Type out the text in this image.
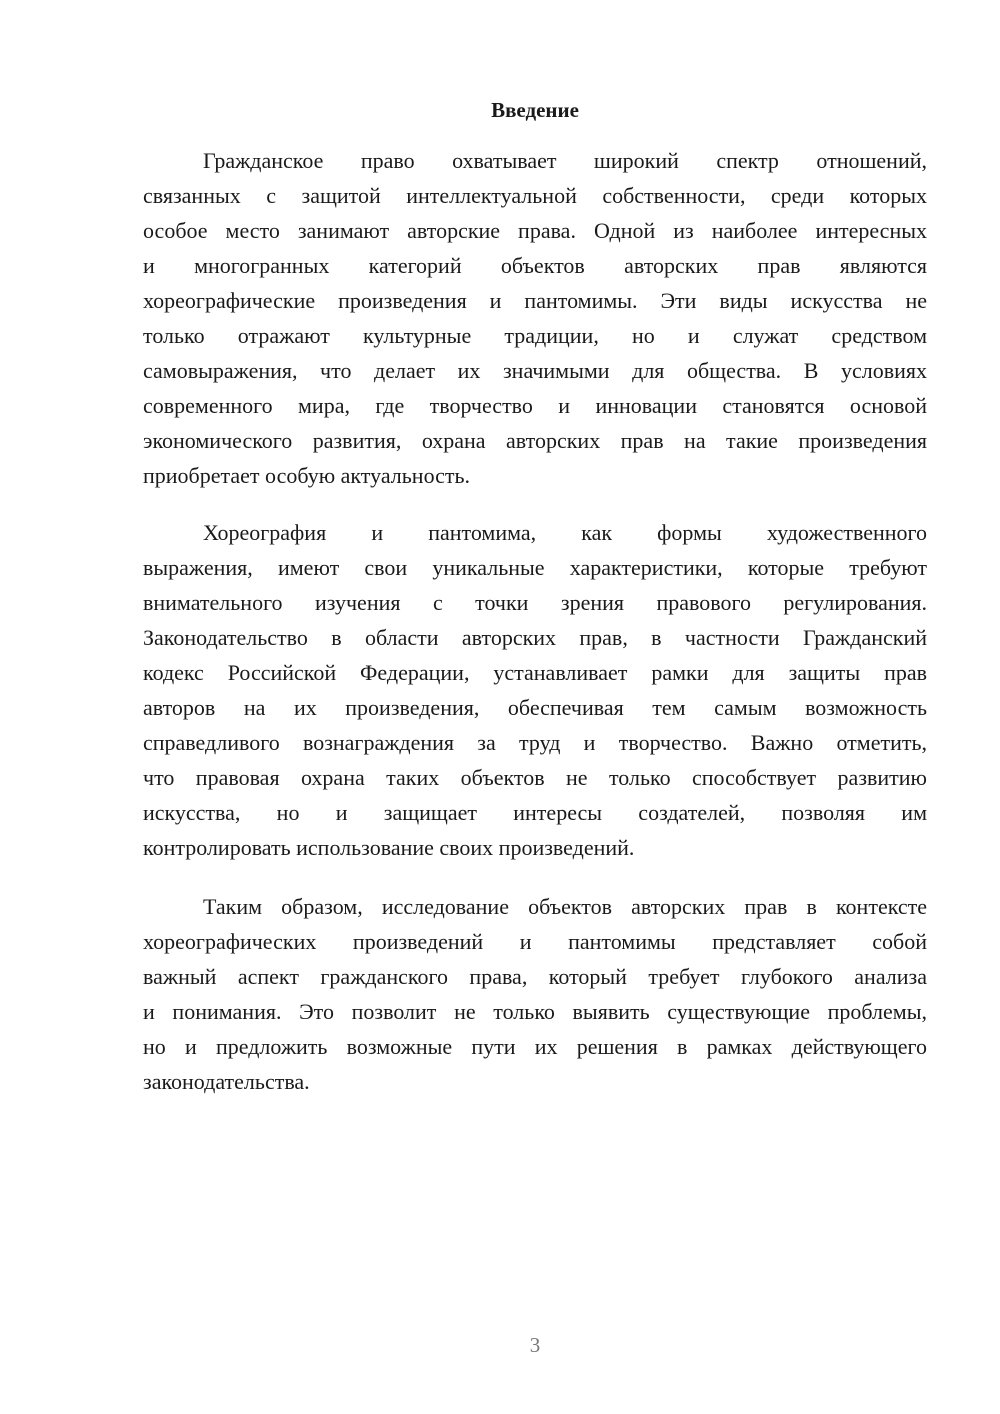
Введение
Гражданское право охватывает широкий спектр отношений,
связанных с защитой интеллектуальной собственности, среди которых
особое место занимают авторские права. Одной из наиболее интересных
и многогранных категорий объектов авторских прав являются
хореографические произведения и пантомимы. Эти виды искусства не
только отражают культурные традиции, но и служат средством
самовыражения, что делает их значимыми для общества. В условиях
современного мира, где творчество и инновации становятся основой
экономического развития, охрана авторских прав на такие произведения
приобретает особую актуальность.
Хореография и пантомима, как формы художественного
выражения, имеют свои уникальные характеристики, которые требуют
внимательного изучения с точки зрения правового регулирования.
Законодательство в области авторских прав, в частности Гражданский
кодекс Российской Федерации, устанавливает рамки для защиты прав
авторов на их произведения, обеспечивая тем самым возможность
справедливого вознаграждения за труд и творчество. Важно отметить,
что правовая охрана таких объектов не только способствует развитию
искусства, но и защищает интересы создателей, позволяя им
контролировать использование своих произведений.
Таким образом, исследование объектов авторских прав в контексте
хореографических произведений и пантомимы представляет собой
важный аспект гражданского права, который требует глубокого анализа
и понимания. Это позволит не только выявить существующие проблемы,
но и предложить возможные пути их решения в рамках действующего
законодательства.
3
